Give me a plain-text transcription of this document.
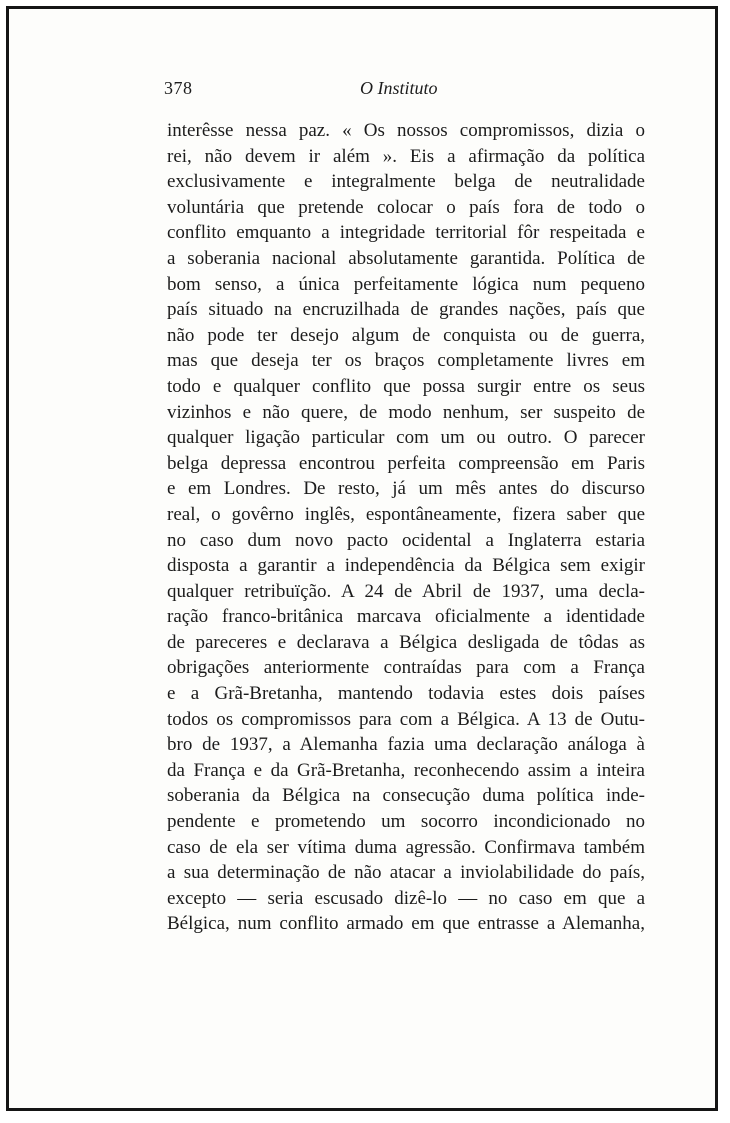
378	O Instituto
interêsse nessa paz. « Os nossos compromissos, dizia o
rei, não devem ir além ». Eis a afirmação da política
exclusivamente e integralmente belga de neutralidade
voluntária que pretende colocar o país fora de todo o
conflito emquanto a integridade territorial fôr respeitada e
a soberania nacional absolutamente garantida. Política de
bom senso, a única perfeitamente lógica num pequeno
país situado na encruzilhada de grandes nações, país que
não pode ter desejo algum de conquista ou de guerra,
mas que deseja ter os braços completamente livres em
todo e qualquer conflito que possa surgir entre os seus
vizinhos e não quere, de modo nenhum, ser suspeito de
qualquer ligação particular com um ou outro. O parecer
belga depressa encontrou perfeita compreensão em Paris
e em Londres. De resto, já um mês antes do discurso
real, o govêrno inglês, espontâneamente, fizera saber que
no caso dum novo pacto ocidental a Inglaterra estaria
disposta a garantir a independência da Bélgica sem exigir
qualquer retribuïção. A 24 de Abril de 1937, uma decla-
ração franco-britânica marcava oficialmente a identidade
de pareceres e declarava a Bélgica desligada de tôdas as
obrigações anteriormente contraídas para com a França
e a Grã-Bretanha, mantendo todavia estes dois países
todos os compromissos para com a Bélgica. A 13 de Outu-
bro de 1937, a Alemanha fazia uma declaração análoga à
da França e da Grã-Bretanha, reconhecendo assim a inteira
soberania da Bélgica na consecução duma política inde-
pendente e prometendo um socorro incondicionado no
caso de ela ser vítima duma agressão. Confirmava também
a sua determinação de não atacar a inviolabilidade do país,
excepto — seria escusado dizê-lo — no caso em que a
Bélgica, num conflito armado em que entrasse a Alemanha,
